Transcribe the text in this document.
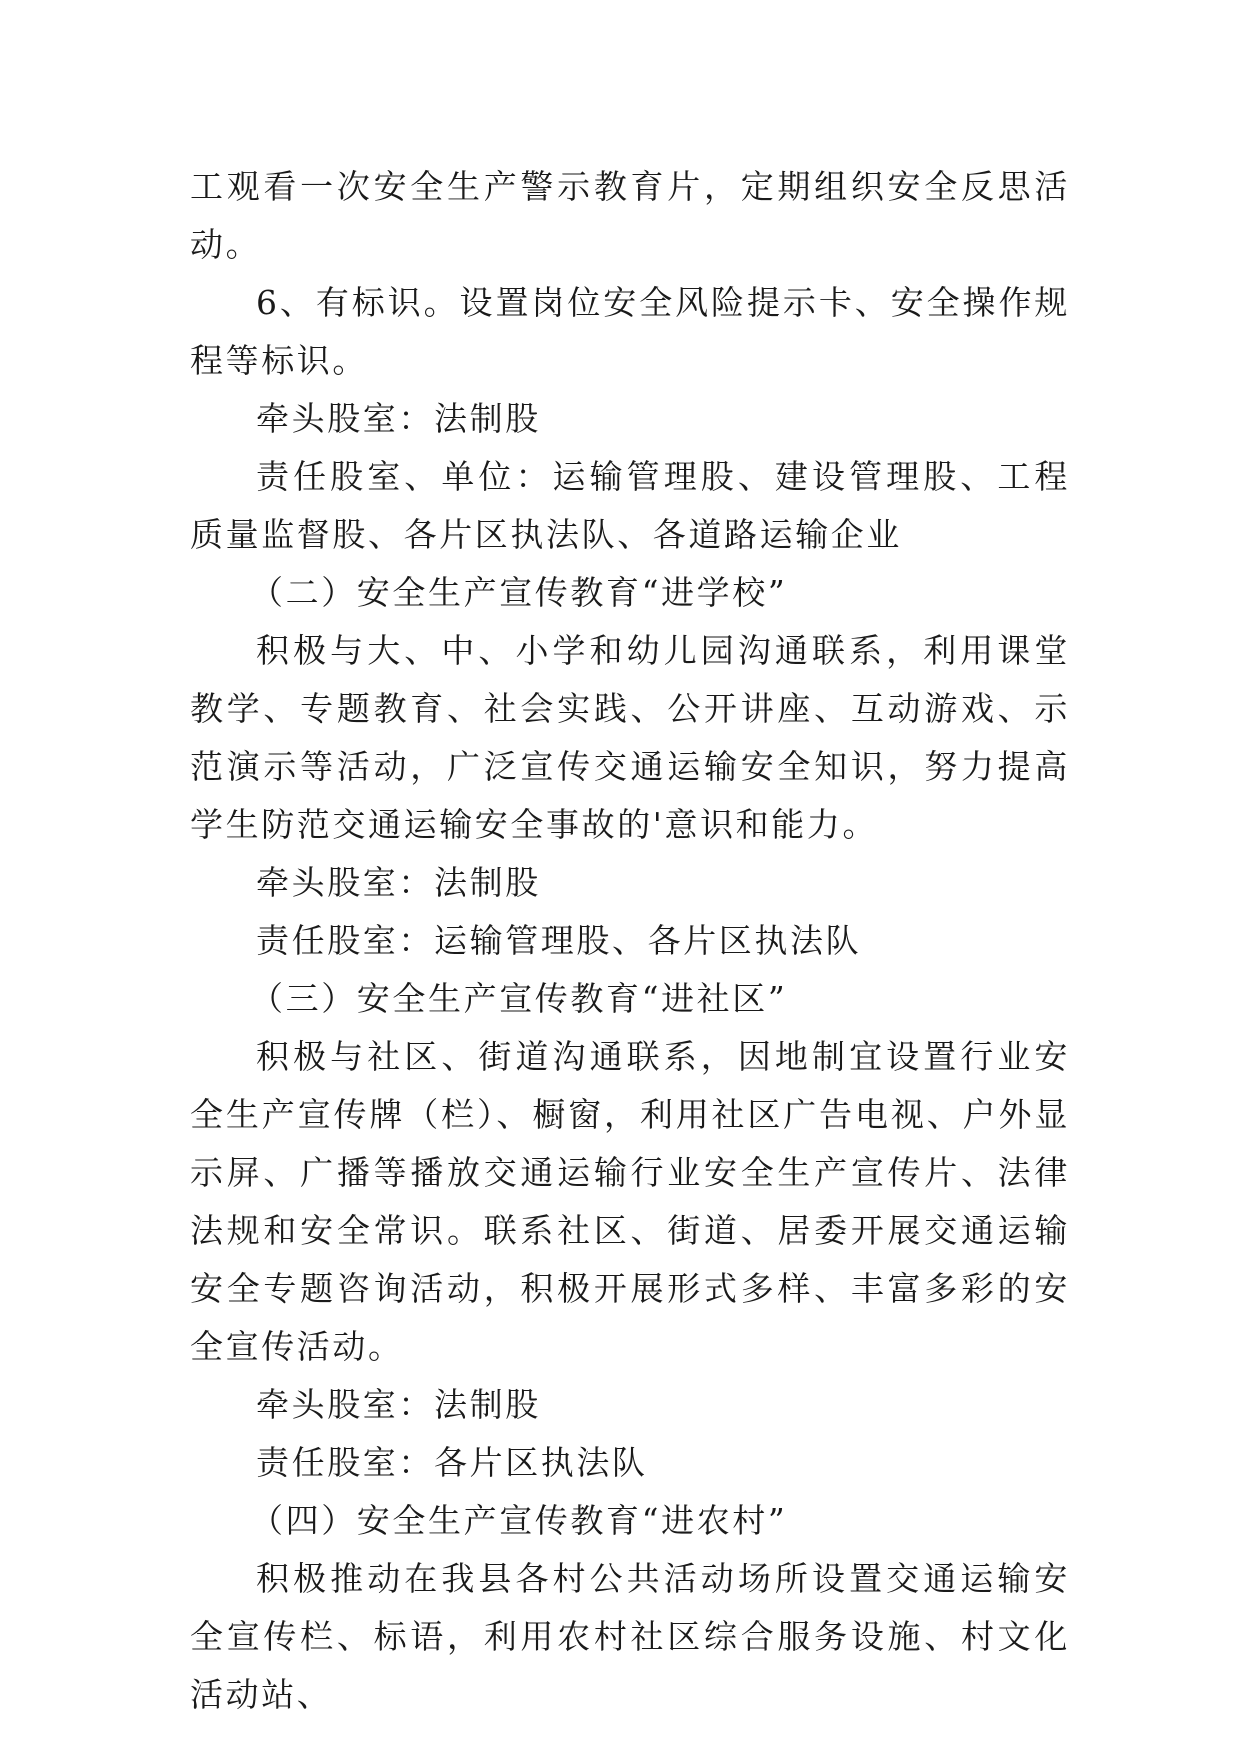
工观看一次安全生产警示教育片，定期组织安全反思活动。

6、有标识。设置岗位安全风险提示卡、安全操作规程等标识。

牵头股室：法制股

责任股室、单位：运输管理股、建设管理股、工程质量监督股、各片区执法队、各道路运输企业

（二）安全生产宣传教育“进学校”

积极与大、中、小学和幼儿园沟通联系，利用课堂教学、专题教育、社会实践、公开讲座、互动游戏、示范演示等活动，广泛宣传交通运输安全知识，努力提高学生防范交通运输安全事故的'意识和能力。

牵头股室：法制股

责任股室：运输管理股、各片区执法队

（三）安全生产宣传教育“进社区”

积极与社区、街道沟通联系，因地制宜设置行业安全生产宣传牌（栏）、橱窗，利用社区广告电视、户外显示屏、广播等播放交通运输行业安全生产宣传片、法律法规和安全常识。联系社区、街道、居委开展交通运输安全专题咨询活动，积极开展形式多样、丰富多彩的安全宣传活动。

牵头股室：法制股

责任股室：各片区执法队

（四）安全生产宣传教育“进农村”

积极推动在我县各村公共活动场所设置交通运输安全宣传栏、标语，利用农村社区综合服务设施、村文化活动站、
